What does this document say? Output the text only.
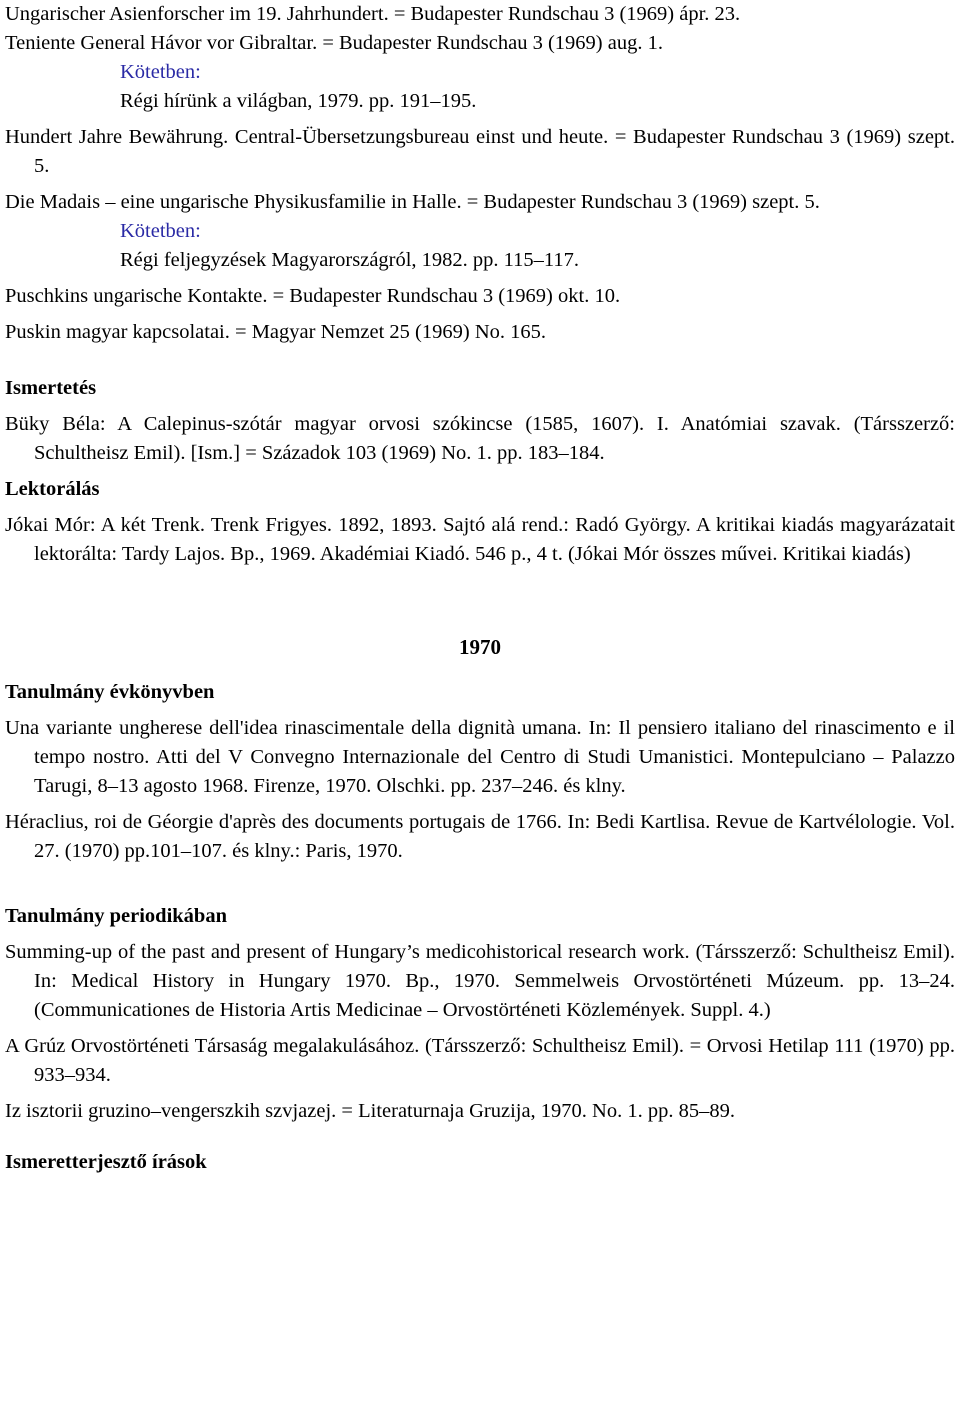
Ungarischer Asienforscher im 19. Jahrhundert. = Budapester Rundschau 3 (1969) ápr. 23.

Teniente General Hávor vor Gibraltar. = Budapester Rundschau 3 (1969) aug. 1.

Kötetben:

Régi hírünk a világban, 1979. pp. 191–195.

Hundert Jahre Bewährung. Central-Übersetzungsbureau einst und heute. = Budapester Rundschau 3 (1969) szept. 5.

Die Madais – eine ungarische Physikusfamilie in Halle. = Budapester Rundschau 3 (1969) szept. 5.

Kötetben:

Régi feljegyzések Magyarországról, 1982. pp. 115–117.

Puschkins ungarische Kontakte. = Budapester Rundschau 3 (1969) okt. 10.

Puskin magyar kapcsolatai. = Magyar Nemzet 25 (1969) No. 165.

Ismertetés

Büky Béla: A Calepinus-szótár magyar orvosi szókincse (1585, 1607). I. Anatómiai szavak. (Társszerző: Schultheisz Emil). [Ism.] = Századok 103 (1969) No. 1. pp. 183–184.

Lektorálás

Jókai Mór: A két Trenk. Trenk Frigyes. 1892, 1893. Sajtó alá rend.: Radó György. A kritikai kiadás magyarázatait lektorálta: Tardy Lajos. Bp., 1969. Akadémiai Kiadó. 546 p., 4 t. (Jókai Mór összes művei. Kritikai kiadás)

1970

Tanulmány évkönyvben

Una variante ungherese dell'idea rinascimentale della dignità umana. In: Il pensiero italiano del rinascimento e il tempo nostro. Atti del V Convegno Internazionale del Centro di Studi Umanistici. Montepulciano – Palazzo Tarugi, 8–13 agosto 1968. Firenze, 1970. Olschki. pp. 237–246. és klny.

Héraclius, roi de Géorgie d'après des documents portugais de 1766. In: Bedi Kartlisa. Revue de Kartvélologie. Vol. 27. (1970) pp.101–107. és klny.: Paris, 1970.

Tanulmány periodikában

Summing-up of the past and present of Hungary’s medicohistorical research work. (Társszerző: Schultheisz Emil). In: Medical History in Hungary 1970. Bp., 1970. Semmelweis Orvostörténeti Múzeum. pp. 13–24. (Communicationes de Historia Artis Medicinae – Orvostörténeti Közlemények. Suppl. 4.)

A Grúz Orvostörténeti Társaság megalakulásához. (Társszerző: Schultheisz Emil). = Orvosi Hetilap 111 (1970) pp. 933–934.

Iz isztorii gruzino–vengerszkih szvjazej. = Literaturnaja Gruzija, 1970. No. 1. pp. 85–89.

Ismeretterjesztő írások
